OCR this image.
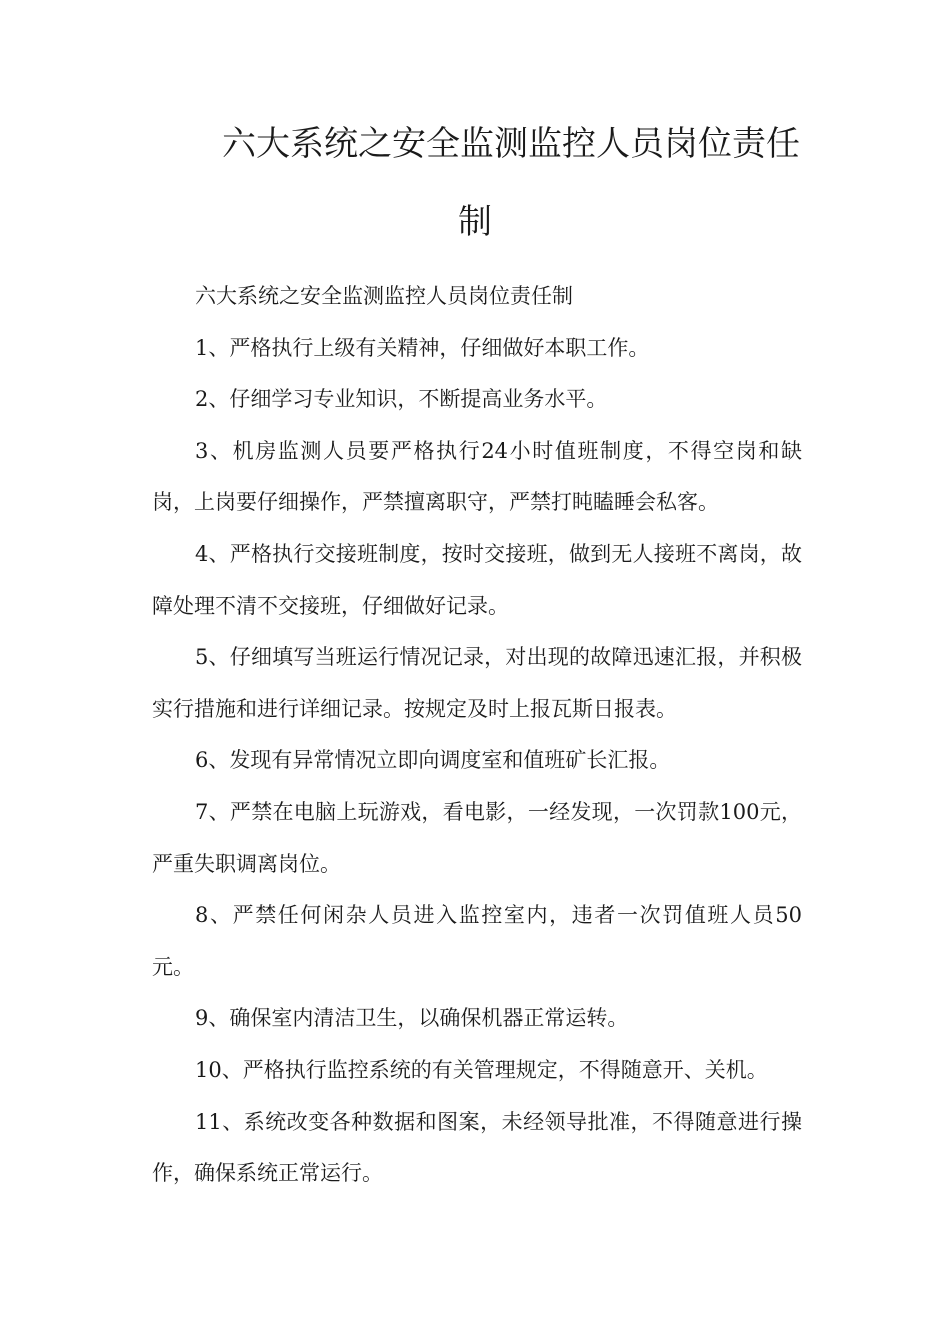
六大系统之安全监测监控人员岗位责任
制

六大系统之安全监测监控人员岗位责任制

1、严格执行上级有关精神，仔细做好本职工作。

2、仔细学习专业知识，不断提高业务水平。

3、机房监测人员要严格执行24小时值班制度，不得空岗和缺岗，上岗要仔细操作，严禁擅离职守，严禁打盹瞌睡会私客。

4、严格执行交接班制度，按时交接班，做到无人接班不离岗，故障处理不清不交接班，仔细做好记录。

5、仔细填写当班运行情况记录，对出现的故障迅速汇报，并积极实行措施和进行详细记录。按规定及时上报瓦斯日报表。

6、发现有异常情况立即向调度室和值班矿长汇报。

7、严禁在电脑上玩游戏，看电影，一经发现，一次罚款100元，严重失职调离岗位。

8、严禁任何闲杂人员进入监控室内，违者一次罚值班人员50元。

9、确保室内清洁卫生，以确保机器正常运转。

10、严格执行监控系统的有关管理规定，不得随意开、关机。

11、系统改变各种数据和图案，未经领导批准，不得随意进行操作，确保系统正常运行。
